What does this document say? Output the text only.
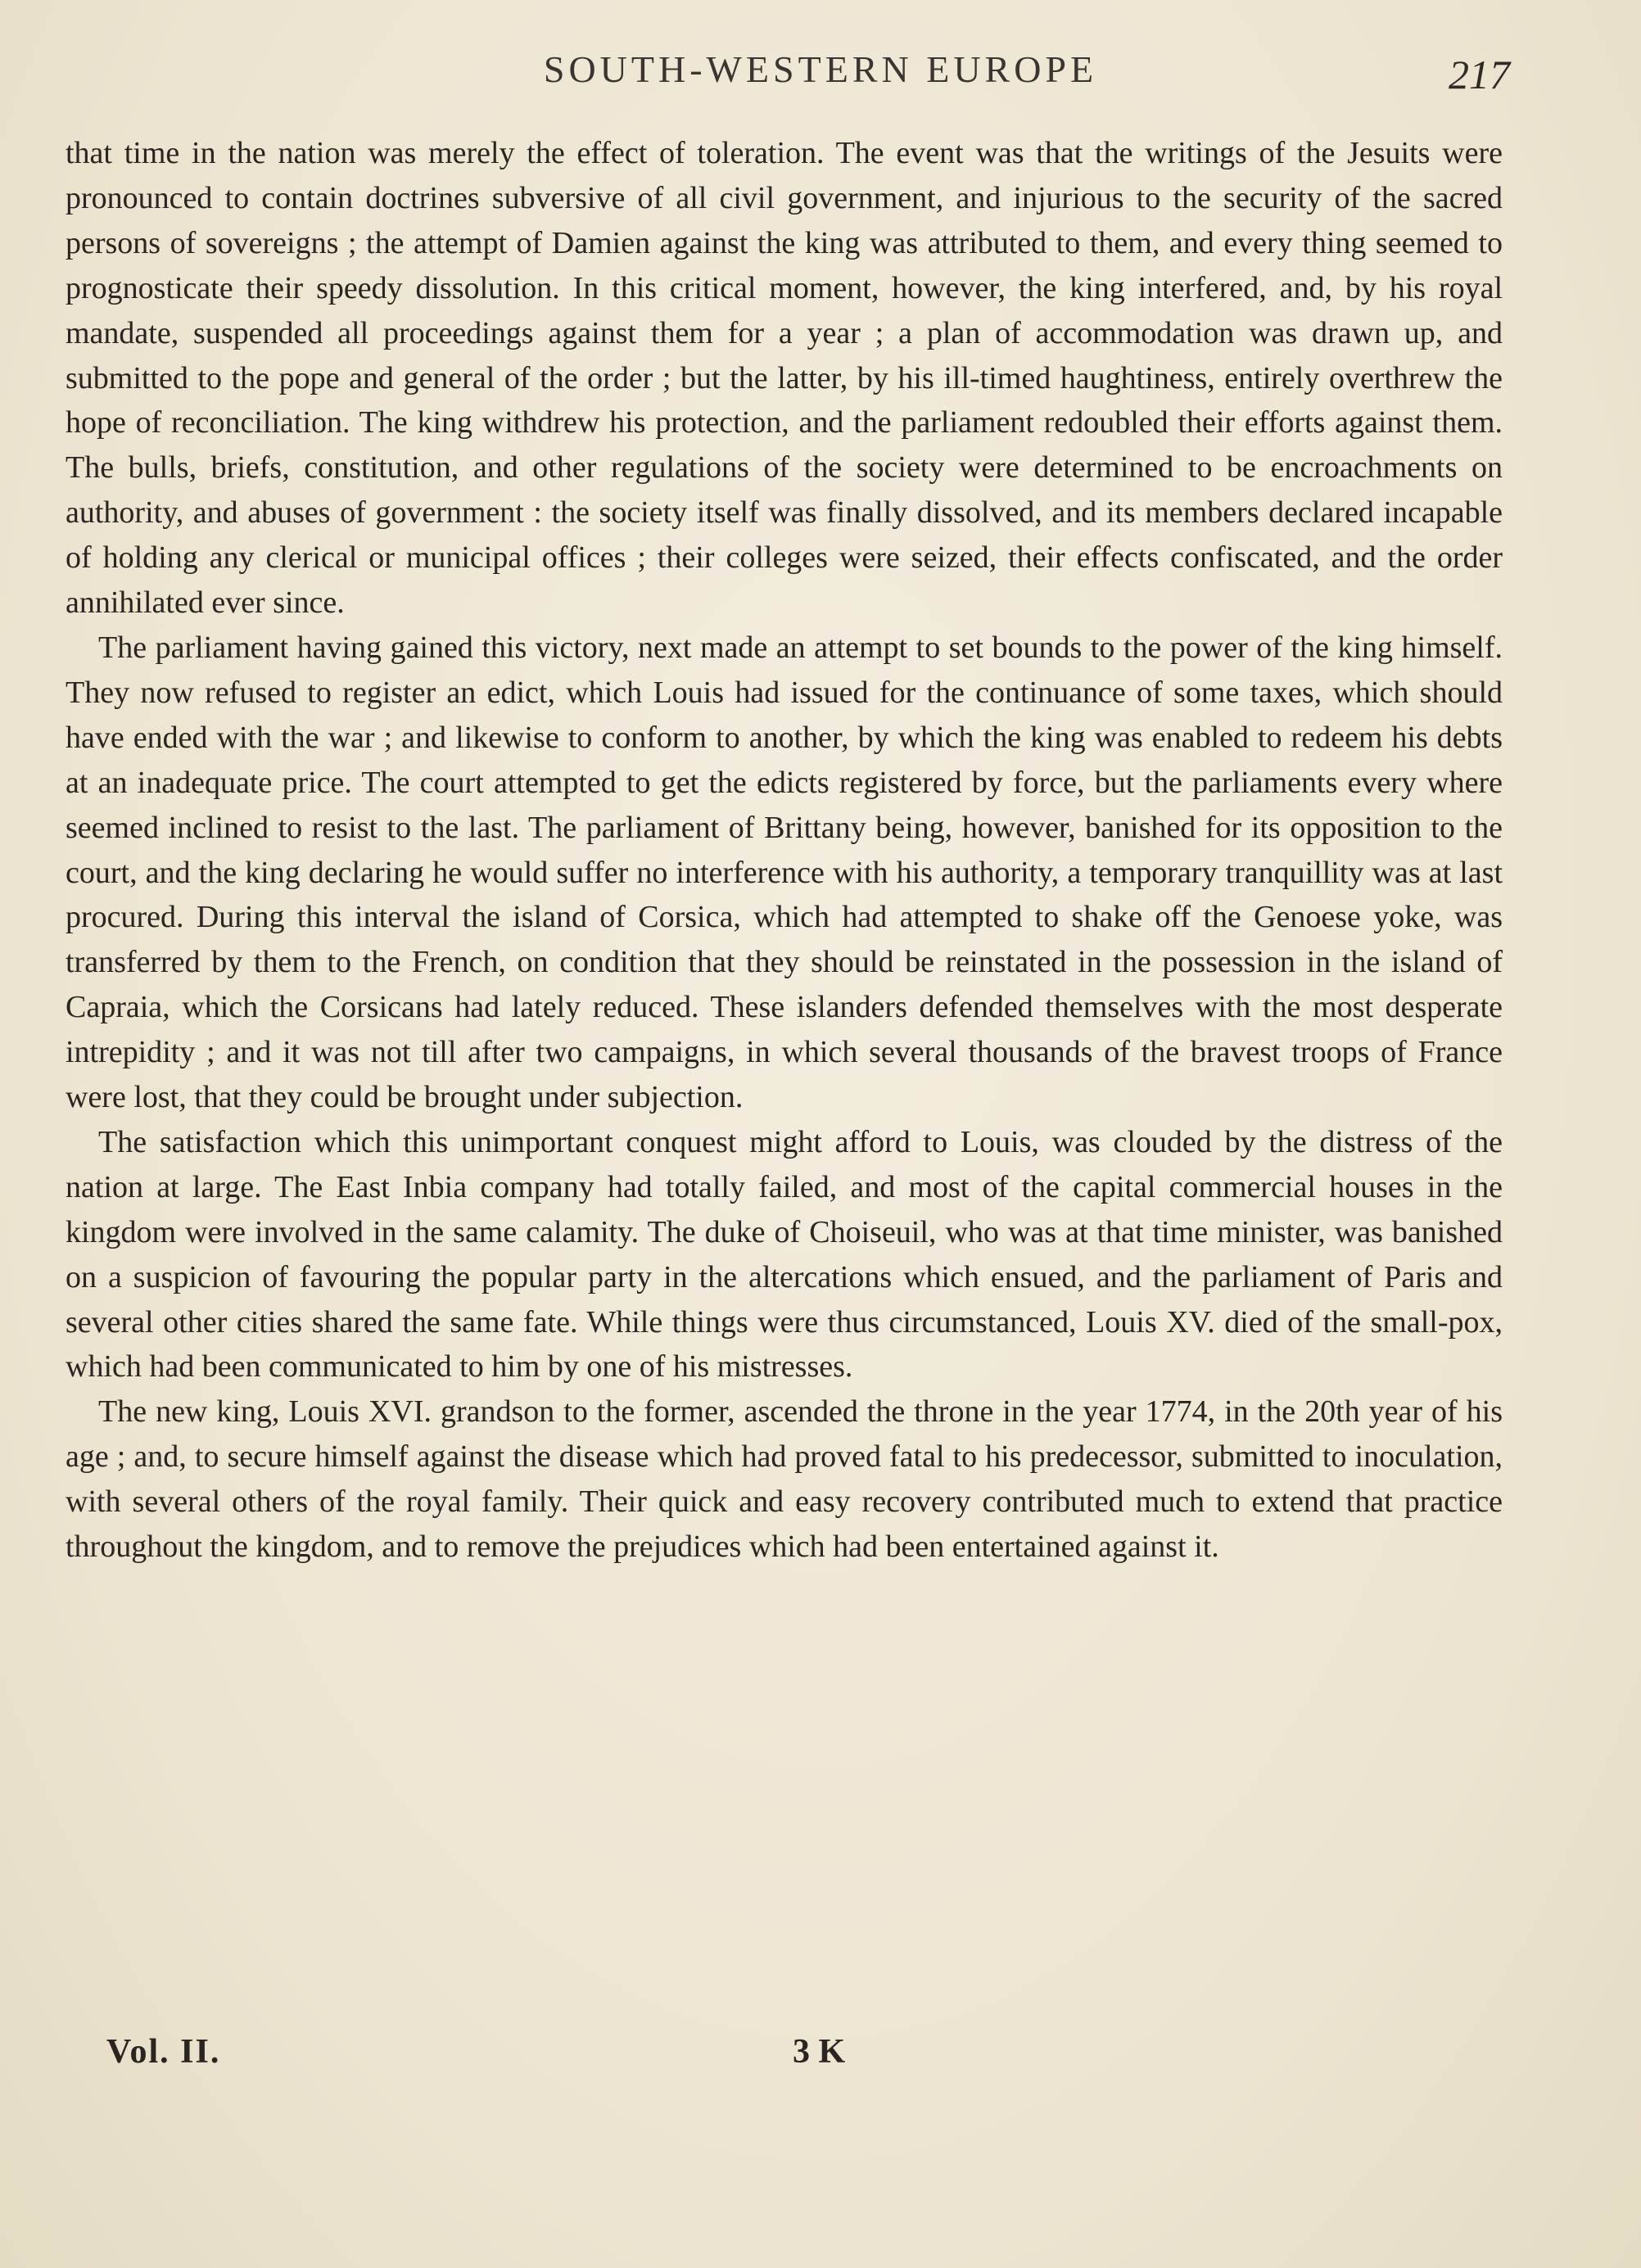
SOUTH-WESTERN EUROPE	217

that time in the nation was merely the effect of toleration. The event was that the writings of the Jesuits were pronounced to contain doctrines subversive of all civil government, and injurious to the security of the sacred persons of sovereigns ; the attempt of Damien against the king was attributed to them, and every thing seemed to prognosticate their speedy dissolution. In this critical moment, however, the king interfered, and, by his royal mandate, suspended all proceedings against them for a year ; a plan of accommodation was drawn up, and submitted to the pope and general of the order ; but the latter, by his ill-timed haughtiness, entirely overthrew the hope of reconciliation. The king withdrew his protection, and the parliament redoubled their efforts against them. The bulls, briefs, constitution, and other regulations of the society were determined to be encroachments on authority, and abuses of government : the society itself was finally dissolved, and its members declared incapable of holding any clerical or municipal offices ; their colleges were seized, their effects confiscated, and the order annihilated ever since.

The parliament having gained this victory, next made an attempt to set bounds to the power of the king himself. They now refused to register an edict, which Louis had issued for the continuance of some taxes, which should have ended with the war ; and likewise to conform to another, by which the king was enabled to redeem his debts at an inadequate price. The court attempted to get the edicts registered by force, but the parliaments every where seemed inclined to resist to the last. The parliament of Brittany being, however, banished for its opposition to the court, and the king declaring he would suffer no interference with his authority, a temporary tranquillity was at last procured. During this interval the island of Corsica, which had attempted to shake off the Genoese yoke, was transferred by them to the French, on condition that they should be reinstated in the possession in the island of Capraia, which the Corsicans had lately reduced. These islanders defended themselves with the most desperate intrepidity ; and it was not till after two campaigns, in which several thousands of the bravest troops of France were lost, that they could be brought under subjection.

The satisfaction which this unimportant conquest might afford to Louis, was clouded by the distress of the nation at large. The East Inbia company had totally failed, and most of the capital commercial houses in the kingdom were involved in the same calamity. The duke of Choiseuil, who was at that time minister, was banished on a suspicion of favouring the popular party in the altercations which ensued, and the parliament of Paris and several other cities shared the same fate. While things were thus circumstanced, Louis XV. died of the small-pox, which had been communicated to him by one of his mistresses.

The new king, Louis XVI. grandson to the former, ascended the throne in the year 1774, in the 20th year of his age ; and, to secure himself against the disease which had proved fatal to his predecessor, submitted to inoculation, with several others of the royal family. Their quick and easy recovery contributed much to extend that practice throughout the kingdom, and to remove the prejudices which had been entertained against it.

Vol. II.	3 K
